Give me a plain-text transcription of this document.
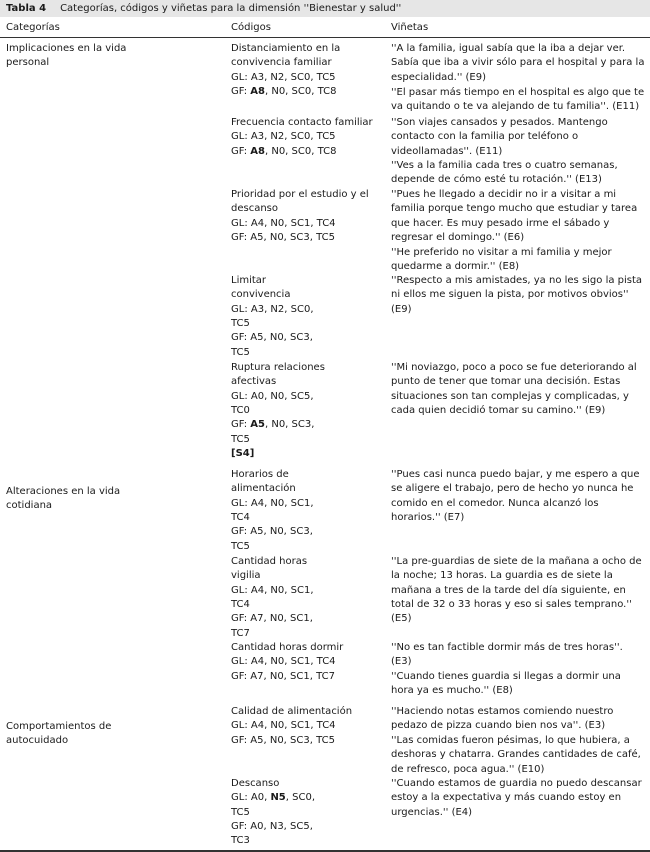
Tabla 4 Categorías, códigos y viñetas para la dimensión ''Bienestar y salud''
Categorías	Códigos	Viñetas
Implicaciones en la vida
personal
Alteraciones en la vida
cotidiana
Comportamientos de
autocuidado
Distanciamiento en la
convivencia familiar
GL: A3, N2, SC0, TC5
GF: A8, N0, SC0, TC8
Frecuencia contacto familiar
GL: A3, N2, SC0, TC5
GF: A8, N0, SC0, TC8
Prioridad por el estudio y el
descanso
GL: A4, N0, SC1, TC4
GF: A5, N0, SC3, TC5
Limitar
convivencia
GL: A3, N2, SC0,
TC5
GF: A5, N0, SC3,
TC5
Ruptura relaciones
afectivas
GL: A0, N0, SC5,
TC0
GF: A5, N0, SC3,
TC5
[S4]
Horarios de
alimentación
GL: A4, N0, SC1,
TC4
GF: A5, N0, SC3,
TC5
Cantidad horas
vigilia
GL: A4, N0, SC1,
TC4
GF: A7, N0, SC1,
TC7
Cantidad horas dormir
GL: A4, N0, SC1, TC4
GF: A7, N0, SC1, TC7
Calidad de alimentación
GL: A4, N0, SC1, TC4
GF: A5, N0, SC3, TC5
Descanso
GL: A0, N5, SC0,
TC5
GF: A0, N3, SC5,
TC3
''A la familia, igual sabía que la iba a dejar ver.
Sabía que iba a vivir sólo para el hospital y para la
especialidad.'' (E9)
''El pasar más tiempo en el hospital es algo que te
va quitando o te va alejando de tu familia''. (E11)
''Son viajes cansados y pesados. Mantengo
contacto con la familia por teléfono o
videollamadas''. (E11)
''Ves a la familia cada tres o cuatro semanas,
depende de cómo esté tu rotación.'' (E13)
''Pues he llegado a decidir no ir a visitar a mi
familia porque tengo mucho que estudiar y tarea
que hacer. Es muy pesado irme el sábado y
regresar el domingo.'' (E6)
''He preferido no visitar a mi familia y mejor
quedarme a dormir.'' (E8)
''Respecto a mis amistades, ya no les sigo la pista
ni ellos me siguen la pista, por motivos obvios''
(E9)
''Mi noviazgo, poco a poco se fue deteriorando al
punto de tener que tomar una decisión. Estas
situaciones son tan complejas y complicadas, y
cada quien decidió tomar su camino.'' (E9)
''Pues casi nunca puedo bajar, y me espero a que
se aligere el trabajo, pero de hecho yo nunca he
comido en el comedor. Nunca alcanzó los
horarios.'' (E7)
''La pre-guardias de siete de la mañana a ocho de
la noche; 13 horas. La guardia es de siete la
mañana a tres de la tarde del día siguiente, en
total de 32 o 33 horas y eso si sales temprano.''
(E5)
''No es tan factible dormir más de tres horas''.
(E3)
''Cuando tienes guardia si llegas a dormir una
hora ya es mucho.'' (E8)
''Haciendo notas estamos comiendo nuestro
pedazo de pizza cuando bien nos va''. (E3)
''Las comidas fueron pésimas, lo que hubiera, a
deshoras y chatarra. Grandes cantidades de café,
de refresco, poca agua.'' (E10)
''Cuando estamos de guardia no puedo descansar
estoy a la expectativa y más cuando estoy en
urgencias.'' (E4)
